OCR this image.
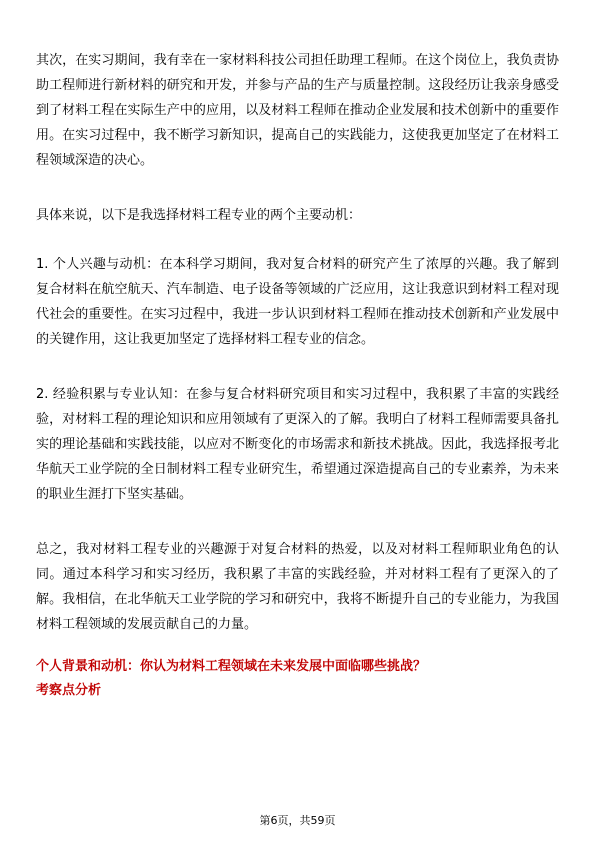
其次，在实习期间，我有幸在一家材料科技公司担任助理工程师。在这个岗位上，我负责协助工程师进行新材料的研究和开发，并参与产品的生产与质量控制。这段经历让我亲身感受到了材料工程在实际生产中的应用，以及材料工程师在推动企业发展和技术创新中的重要作用。在实习过程中，我不断学习新知识，提高自己的实践能力，这使我更加坚定了在材料工程领域深造的决心。

具体来说，以下是我选择材料工程专业的两个主要动机：

1. 个人兴趣与动机：在本科学习期间，我对复合材料的研究产生了浓厚的兴趣。我了解到复合材料在航空航天、汽车制造、电子设备等领域的广泛应用，这让我意识到材料工程对现代社会的重要性。在实习过程中，我进一步认识到材料工程师在推动技术创新和产业发展中的关键作用，这让我更加坚定了选择材料工程专业的信念。

2. 经验积累与专业认知：在参与复合材料研究项目和实习过程中，我积累了丰富的实践经验，对材料工程的理论知识和应用领域有了更深入的了解。我明白了材料工程师需要具备扎实的理论基础和实践技能，以应对不断变化的市场需求和新技术挑战。因此，我选择报考北华航天工业学院的全日制材料工程专业研究生，希望通过深造提高自己的专业素养，为未来的职业生涯打下坚实基础。

总之，我对材料工程专业的兴趣源于对复合材料的热爱，以及对材料工程师职业角色的认同。通过本科学习和实习经历，我积累了丰富的实践经验，并对材料工程有了更深入的了解。我相信，在北华航天工业学院的学习和研究中，我将不断提升自己的专业能力，为我国材料工程领域的发展贡献自己的力量。

个人背景和动机：你认为材料工程领域在未来发展中面临哪些挑战？

考察点分析

第6页，共59页
